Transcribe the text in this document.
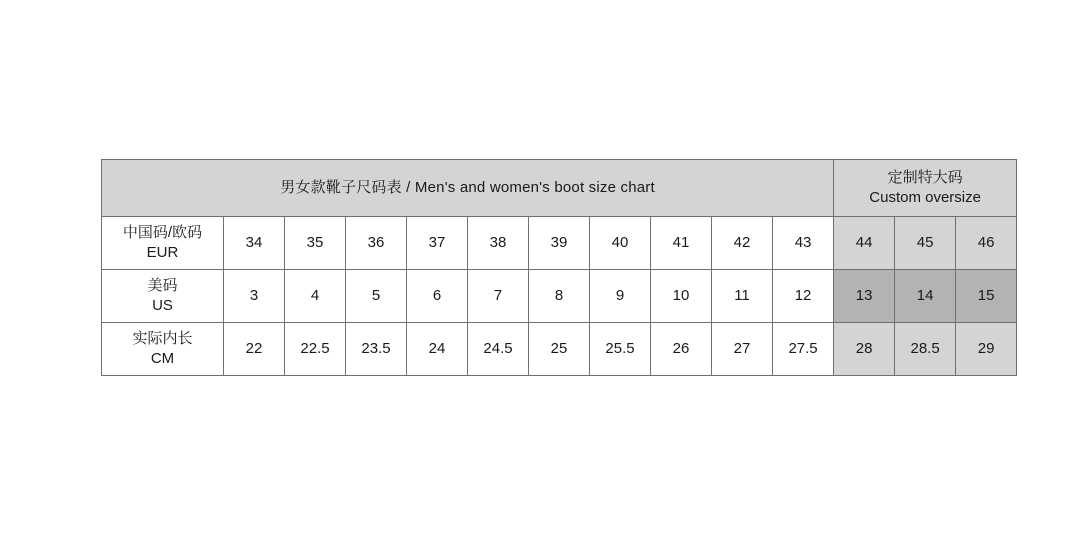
男女款靴子尺码表 / Men's and women's boot size chart											定制特大码
Custom oversize		

中国码/欧码
EUR	34	35	36	37	38	39	40	41	42	43	44	45	46

美码
US	3	4	5	6	7	8	9	10	11	12	13	14	15

实际内长
CM	22	22.5	23.5	24	24.5	25	25.5	26	27	27.5	28	28.5	29
